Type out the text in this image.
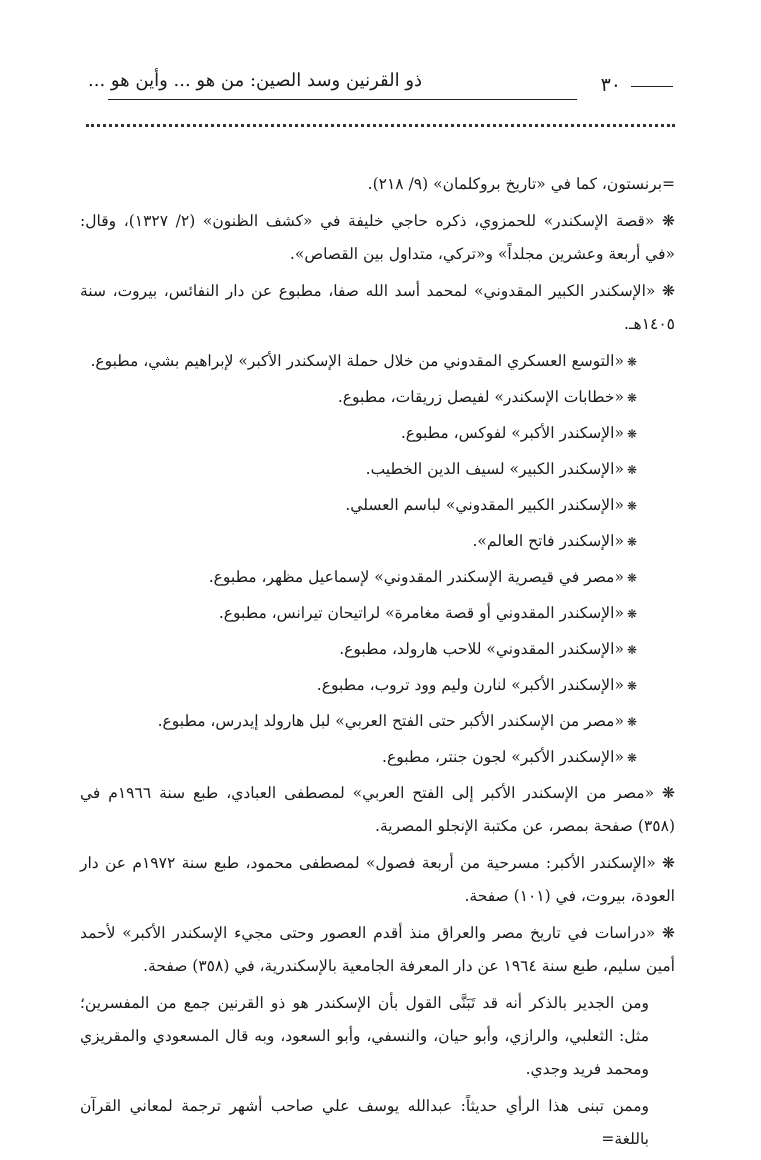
٣٠
ذو القرنين وسد الصين: من هو ... وأين هو ...

=برنستون، كما في «تاريخ بروكلمان» (٩/ ٢١٨).

❋ «قصة الإسكندر» للحمزوي، ذكره حاجي خليفة في «كشف الظنون» (٢/ ١٣٢٧)، وقال: «في أربعة وعشرين مجلداً» و«تركي، متداول بين القصاص».

❋ «الإسكندر الكبير المقدوني» لمحمد أسد الله صفا، مطبوع عن دار النفائس، بيروت، سنة ١٤٠٥هـ.

❋«التوسع العسكري المقدوني من خلال حملة الإسكندر الأكبر» لإبراهيم بشي، مطبوع.

❋«خطابات الإسكندر» لفيصل زريقات، مطبوع.

❋«الإسكندر الأكبر» لفوكس، مطبوع.

❋«الإسكندر الكبير» لسيف الدين الخطيب.

❋«الإسكندر الكبير المقدوني» لباسم العسلي.

❋«الإسكندر فاتح العالم».

❋«مصر في قيصرية الإسكندر المقدوني» لإسماعيل مظهر، مطبوع.

❋«الإسكندر المقدوني أو قصة مغامرة» لراتيحان تيرانس، مطبوع.

❋«الإسكندر المقدوني» للاحب هارولد، مطبوع.

❋«الإسكندر الأكبر» لنارن وليم وود تروب، مطبوع.

❋«مصر من الإسكندر الأكبر حتى الفتح العربي» لبل هارولد إيدرس، مطبوع.

❋«الإسكندر الأكبر» لجون جنتر، مطبوع.

❋ «مصر من الإسكندر الأكبر إلى الفتح العربي» لمصطفى العبادي، طبع سنة ١٩٦٦م في (٣٥٨) صفحة بمصر، عن مكتبة الإنجلو المصرية.

❋ «الإسكندر الأكبر: مسرحية من أربعة فصول» لمصطفى محمود، طبع سنة ١٩٧٢م عن دار العودة، بيروت، في (١٠١) صفحة.

❋ «دراسات في تاريخ مصر والعراق منذ أقدم العصور وحتى مجيء الإسكندر الأكبر» لأحمد أمين سليم، طبع سنة ١٩٦٤ عن دار المعرفة الجامعية بالإسكندرية، في (٣٥٨) صفحة.

ومن الجدير بالذكر أنه قد تَبَنَّى القول بأن الإسكندر هو ذو القرنين جمع من المفسرين؛ مثل: الثعلبي، والرازي، وأبو حيان، والنسفي، وأبو السعود، وبه قال المسعودي والمقريزي ومحمد فريد وجدي.

وممن تبنى هذا الرأي حديثاً: عبدالله يوسف علي صاحب أشهر ترجمة لمعاني القرآن باللغة=
